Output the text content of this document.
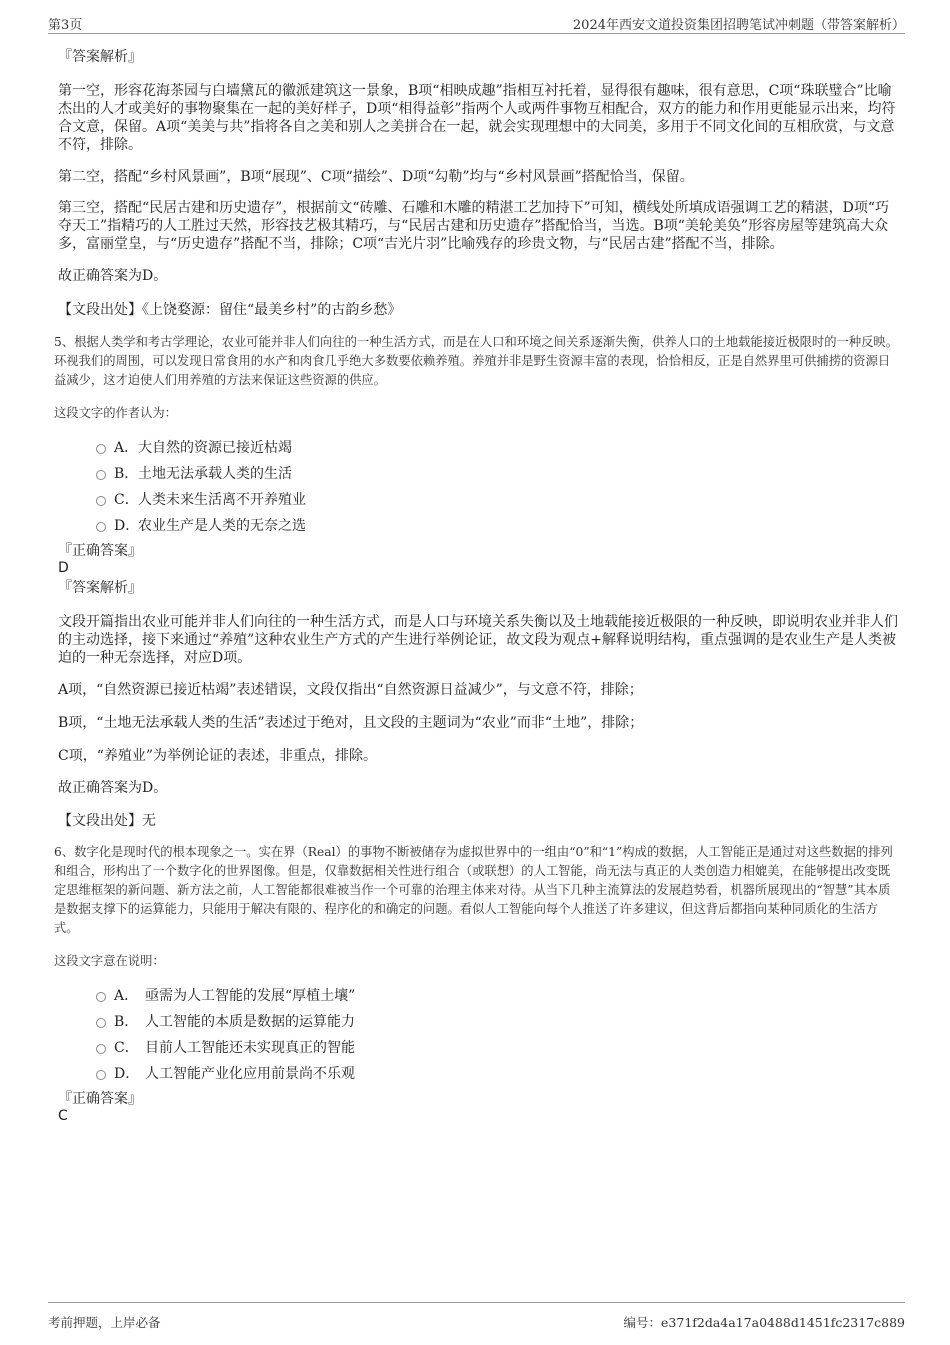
第3页	2024年西安文道投资集团招聘笔试冲刺题（带答案解析）
『答案解析』
第一空，形容花海茶园与白墙黛瓦的徽派建筑这一景象，B项“相映成趣”指相互衬托着，显得很有趣味，很有意思，C项“珠联璧合”比喻杰出的人才或美好的事物聚集在一起的美好样子，D项“相得益彰”指两个人或两件事物互相配合，双方的能力和作用更能显示出来，均符合文意，保留。A项“美美与共”指将各自之美和别人之美拼合在一起，就会实现理想中的大同美，多用于不同文化间的互相欣赏，与文意不符，排除。
第二空，搭配“乡村风景画”，B项“展现”、C项“描绘”、D项“勾勒”均与“乡村风景画”搭配恰当，保留。
第三空，搭配“民居古建和历史遗存”，根据前文“砖雕、石雕和木雕的精湛工艺加持下”可知，横线处所填成语强调工艺的精湛，D项“巧夺天工”指精巧的人工胜过天然，形容技艺极其精巧，与“民居古建和历史遗存”搭配恰当，当选。B项“美轮美奂”形容房屋等建筑高大众多，富丽堂皇，与“历史遗存”搭配不当，排除；C项“吉光片羽”比喻残存的珍贵文物，与“民居古建”搭配不当，排除。
故正确答案为D。
【文段出处】《上饶婺源：留住“最美乡村”的古韵乡愁》
5、根据人类学和考古学理论，农业可能并非人们向往的一种生活方式，而是在人口和环境之间关系逐渐失衡，供养人口的土地载能接近极限时的一种反映。环视我们的周围，可以发现日常食用的水产和肉食几乎绝大多数要依赖养殖。养殖并非是野生资源丰富的表现，恰恰相反，正是自然界里可供捕捞的资源日益减少，这才迫使人们用养殖的方法来保证这些资源的供应。
这段文字的作者认为：
A． 大自然的资源已接近枯竭
B． 土地无法承载人类的生活
C． 人类未来生活离不开养殖业
D．
农业生产是人类的无奈之选
『正确答案』
D
『答案解析』
文段开篇指出农业可能并非人们向往的一种生活方式，而是人口与环境关系失衡以及土地载能接近极限的一种反映，即说明农业并非人们的主动选择，接下来通过“养殖”这种农业生产方式的产生进行举例论证，故文段为观点+解释说明结构，重点强调的是农业生产是人类被迫的一种无奈选择，对应D项。
A项，“自然资源已接近枯竭”表述错误，文段仅指出“自然资源日益减少”，与文意不符，排除；
B项，“土地无法承载人类的生活”表述过于绝对，且文段的主题词为“农业”而非“土地”，排除；
C项，“养殖业”为举例论证的表述，非重点，排除。
故正确答案为D。
【文段出处】无
6、数字化是现时代的根本现象之一。实在界（Real）的事物不断被储存为虚拟世界中的一组由“0”和“1”构成的数据，人工智能正是通过对这些数据的排列和组合，形构出了一个数字化的世界图像。但是，仅靠数据相关性进行组合（或联想）的人工智能，尚无法与真正的人类创造力相媲美，在能够提出改变既定思维框架的新问题、新方法之前，人工智能都很难被当作一个可靠的治理主体来对待。从当下几种主流算法的发展趋势看，机器所展现出的“智慧”其本质是数据支撑下的运算能力，只能用于解决有限的、程序化的和确定的问题。看似人工智能向每个人推送了许多建议，但这背后都指向某种同质化的生活方式。
这段文字意在说明：
A． 亟需为人工智能的发展“厚植土壤”
B． 人工智能的本质是数据的运算能力
C． 目前人工智能还未实现真正的智能
D． 人工智能产业化应用前景尚不乐观
『正确答案』
C
考前押题，上岸必备	编号：e371f2da4a17a0488d1451fc2317c889
